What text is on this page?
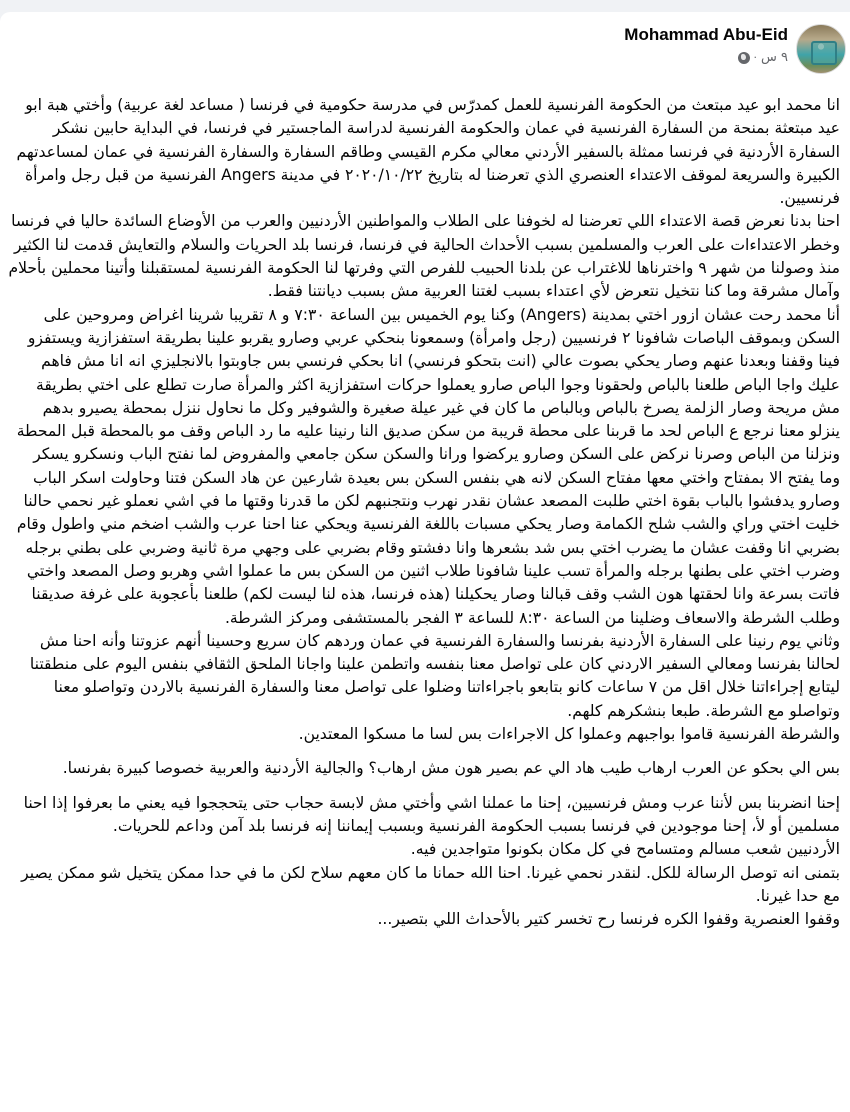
Mohammad Abu-Eid
٩ س
·

انا محمد ابو عيد مبتعث من الحكومة الفرنسية للعمل كمدرّس في مدرسة حكومية في فرنسا ( مساعد لغة عربية) وأختي هبة ابو عيد مبتعثة بمنحة من السفارة الفرنسية في عمان والحكومة الفرنسية لدراسة الماجستير في فرنسا، في البداية حابين نشكر السفارة الأردنية في فرنسا ممثلة بالسفير الأردني معالي مكرم القيسي وطاقم السفارة والسفارة الفرنسية في عمان لمساعدتهم الكبيرة والسريعة لموقف الاعتداء العنصري الذي تعرضنا له بتاريخ ٢٠٢٠/١٠/٢٢ في مدينة Angers الفرنسية من قبل رجل وامرأة فرنسيين.

احنا بدنا نعرض قصة الاعتداء اللي تعرضنا له لخوفنا على الطلاب والمواطنين الأردنيين والعرب من الأوضاع السائدة حاليا في فرنسا وخطر الاعتداءات على العرب والمسلمين بسبب الأحداث الحالية في فرنسا، فرنسا بلد الحريات والسلام والتعايش قدمت لنا الكثير منذ وصولنا من شهر ٩ واخترناها للاغتراب عن بلدنا الحبيب للفرص التي وفرتها لنا الحكومة الفرنسية لمستقبلنا وأتينا محملين بأحلام وآمال مشرقة وما كنا نتخيل نتعرض لأي اعتداء بسبب لغتنا العربية مش بسبب ديانتنا فقط.

أنا محمد رحت عشان ازور اختي بمدينة (Angers) وكنا يوم الخميس بين الساعة ٧:٣٠ و ٨ تقريبا شرينا اغراض ومروحين على السكن وبموقف الباصات شافونا ٢ فرنسيين (رجل وامرأة) وسمعونا بنحكي عربي وصارو يقربو علينا بطريقة استفزازية ويستفزو فينا وقفنا وبعدنا عنهم وصار يحكي بصوت عالي (انت بتحكو فرنسي) انا بحكي فرنسي بس جاوبتوا بالانجليزي انه انا مش فاهم عليك واجا الباص طلعنا بالباص ولحقونا وجوا الباص صارو يعملوا حركات استفزازية اكثر والمرأة صارت تطلع على اختي بطريقة مش مريحة وصار الزلمة يصرخ بالباص وبالباص ما كان في غير عيلة صغيرة والشوفير وكل ما نحاول ننزل بمحطة يصيرو بدهم ينزلو معنا نرجع ع الباص لحد ما قربنا على محطة قريبة من سكن صديق النا رنينا عليه ما رد الباص وقف مو بالمحطة قبل المحطة ونزلنا من الباص وصرنا نركض على السكن وصارو يركضوا ورانا والسكن سكن جامعي والمفروض لما نفتح الباب ونسكرو يسكر وما يفتح الا بمفتاح واختي معها مفتاح السكن لانه هي بنفس السكن بس بعيدة شارعين عن هاد السكن فتنا وحاولت اسكر الباب وصارو يدفشوا بالباب بقوة اختي طلبت المصعد عشان نقدر نهرب ونتجنبهم لكن ما قدرنا وقتها ما في اشي نعملو غير نحمي حالنا خليت اختي وراي والشب شلح الكمامة وصار يحكي مسبات باللغة الفرنسية ويحكي عنا احنا عرب والشب اضخم مني واطول وقام بضربي انا وقفت عشان ما يضرب اختي بس شد بشعرها وانا دفشتو وقام بضربي على وجهي مرة ثانية وضربي على بطني برجله وضرب اختي على بطنها برجله والمرأة تسب علينا شافونا طلاب اثنين من السكن بس ما عملوا اشي وهربو وصل المصعد واختي فاتت بسرعة وانا لحقتها هون الشب وقف قبالنا وصار يحكيلنا (هذه فرنسا، هذه لنا ليست لكم) طلعنا بأعجوبة على غرفة صديقنا وطلب الشرطة والاسعاف وضلينا من الساعة ٨:٣٠ للساعة ٣ الفجر بالمستشفى ومركز الشرطة.

وثاني يوم رنينا على السفارة الأردنية بفرنسا والسفارة الفرنسية في عمان وردهم كان سريع وحسينا أنهم عزوتنا وأنه احنا مش لحالنا بفرنسا ومعالي السفير الاردني كان على تواصل معنا بنفسه واتطمن علينا واجانا الملحق الثقافي بنفس اليوم على منطقتنا ليتابع إجراءاتنا خلال اقل من ٧ ساعات كانو بتابعو باجراءاتنا وضلوا على تواصل معنا والسفارة الفرنسية بالاردن وتواصلو معنا وتواصلو مع الشرطة. طبعا بنشكرهم كلهم.

والشرطة الفرنسية قاموا بواجبهم وعملوا كل الاجراءات بس لسا ما مسكوا المعتدين.

بس الي بحكو عن العرب ارهاب طيب هاد الي عم بصير هون مش ارهاب؟ والجالية الأردنية والعربية خصوصا كبيرة بفرنسا.

إحنا انضربنا بس لأننا عرب ومش فرنسيين، إحنا ما عملنا اشي وأختي مش لابسة حجاب حتى يتحججوا فيه يعني ما بعرفوا إذا احنا مسلمين أو لأ، إحنا موجودين في فرنسا بسبب الحكومة الفرنسية وبسبب إيماننا إنه فرنسا بلد آمن وداعم للحريات.

الأردنيين شعب مسالم ومتسامح في كل مكان بكونوا متواجدين فيه.

بتمنى انه توصل الرسالة للكل. لنقدر نحمي غيرنا. احنا الله حمانا ما كان معهم سلاح لكن ما في حدا ممكن يتخيل شو ممكن يصير مع حدا غيرنا.

وقفوا العنصرية وقفوا الكره فرنسا رح تخسر كتير بالأحداث اللي بتصير...
